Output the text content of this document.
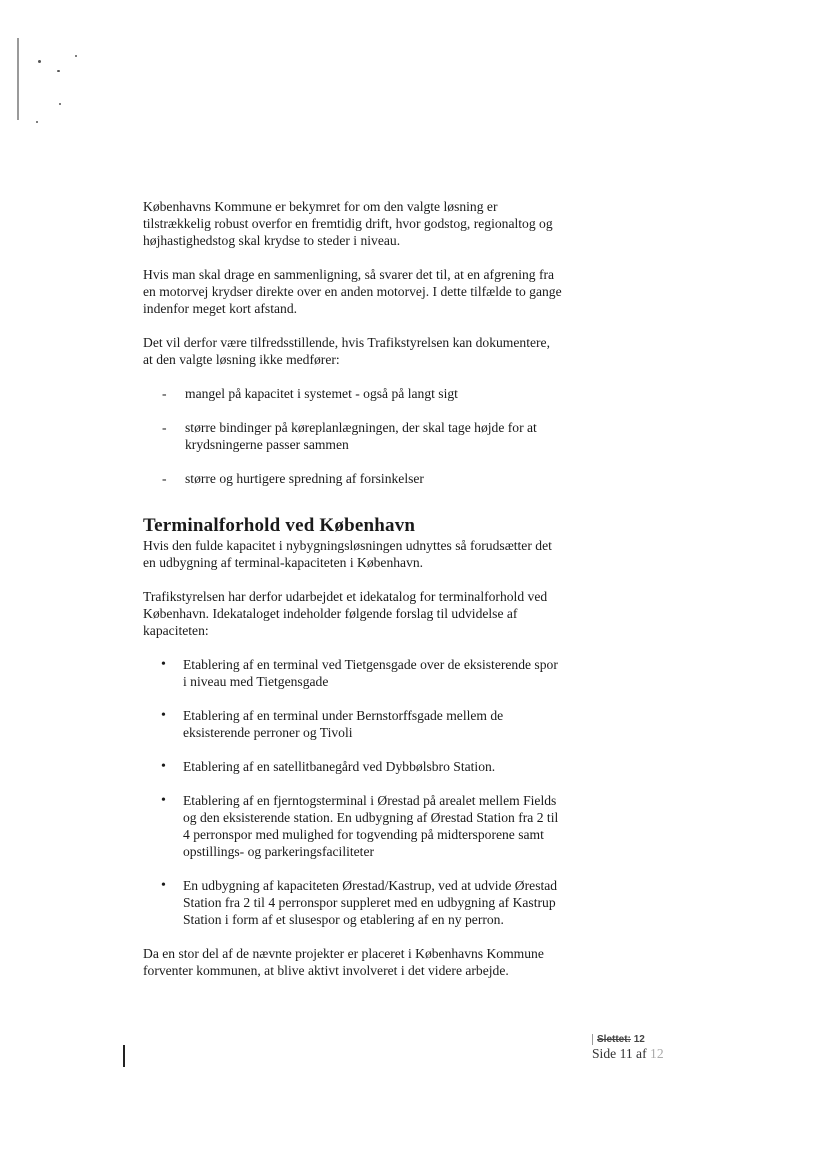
Københavns Kommune er bekymret for om den valgte løsning er tilstrækkelig robust overfor en fremtidig drift, hvor godstog, regionaltog og højhastighedstog skal krydse to steder i niveau.

Hvis man skal drage en sammenligning, så svarer det til, at en afgrening fra en motorvej krydser direkte over en anden motorvej. I dette tilfælde to gange indenfor meget kort afstand.

Det vil derfor være tilfredsstillende, hvis Trafikstyrelsen kan dokumentere, at den valgte løsning ikke medfører:

- mangel på kapacitet i systemet - også på langt sigt
- større bindinger på køreplanlægningen, der skal tage højde for at krydsningerne passer sammen
- større og hurtigere spredning af forsinkelser
Terminalforhold ved København

Hvis den fulde kapacitet i nybygningsløsningen udnyttes så forudsætter det en udbygning af terminal-kapaciteten i København.

Trafikstyrelsen har derfor udarbejdet et idekatalog for terminalforhold ved København. Idekataloget indeholder følgende forslag til udvidelse af kapaciteten:

• Etablering af en terminal ved Tietgensgade over de eksisterende spor i niveau med Tietgensgade
• Etablering af en terminal under Bernstorffsgade mellem de eksisterende perroner og Tivoli
• Etablering af en satellitbanegård ved Dybbølsbro Station.
• Etablering af en fjerntogsterminal i Ørestad på arealet mellem Fields og den eksisterende station. En udbygning af Ørestad Station fra 2 til 4 perronspor med mulighed for togvending på midtersporene samt opstillings- og parkeringsfaciliteter
• En udbygning af kapaciteten Ørestad/Kastrup, ved at udvide Ørestad Station fra 2 til 4 perronspor suppleret med en udbygning af Kastrup Station i form af et slusespor og etablering af en ny perron.

Da en stor del af de nævnte projekter er placeret i Københavns Kommune forventer kommunen, at blive aktivt involveret i det videre arbejde.

Slettet: 12
Side 11 af 12
